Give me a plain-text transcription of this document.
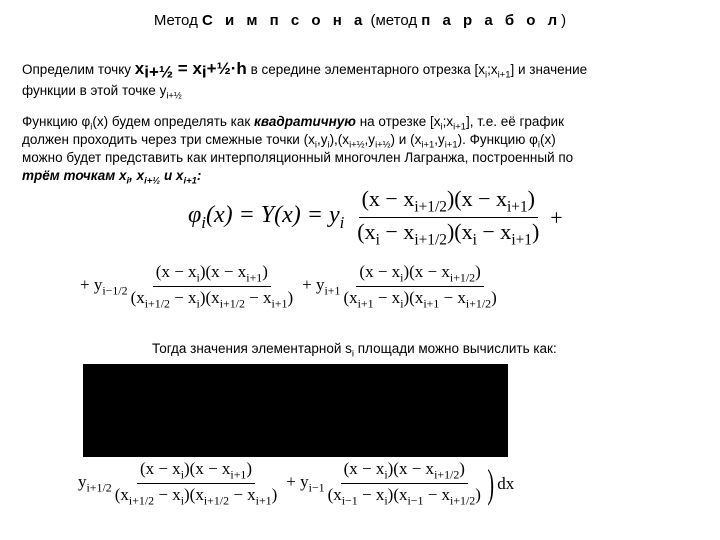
Метод С и м п с о н а (метод п а р а б о л)
Определим точку $x_{i+\frac{1}{2}}$ = $x_i+\frac{1}{2}\cdot h$ в середине элементарного отрезка $[x_i;x_{i+1}]$ и значение
функции в этой точке $y_{i+\frac{1}{2}}$
Функцию $\varphi_i(x)$ будем определять как квадратичную на отрезке $[x_i;x_{i+1}]$, т.е. её график
должен проходить через три смежные точки $(x_i,y_i),(x_{i+\frac{1}{2}},y_{i+\frac{1}{2}})$ и $(x_{i+1},y_{i+1})$. Функцию $\varphi_i(x)$
можно будет представить как интерполяционный многочлен Лагранжа, построенный по
трём точкам $x_i$, $x_{i+\frac{1}{2}}$ и $x_{i+1}$:
$\varphi_i(x) = Y(x) = y_i \frac{(x - x_{i+1/2})(x - x_{i+1})}{(x_i - x_{i+1/2})(x_i - x_{i+1})}$ +
+ $y_{i-1/2} \frac{(x - x_i)(x - x_{i+1})}{(x_{i+1/2} - x_i)(x_{i+1/2} - x_{i+1})} + y_{i+1} \frac{(x - x_i)(x - x_{i+1/2})}{(x_{i+1} - x_i)(x_{i+1} - x_{i+1/2})}$
Тогда значения элементарной $s_i$ площади можно вычислить как:
$y_{i+1/2} \frac{(x - x_i)(x - x_{i+1})}{(x_{i+1/2} - x_i)(x_{i+1/2} - x_{i+1})} + y_{i-1} \frac{(x - x_i)(x - x_{i+1/2})}{(x_{i-1} - x_i)(x_{i-1} - x_{i+1/2})}$ ) dx
